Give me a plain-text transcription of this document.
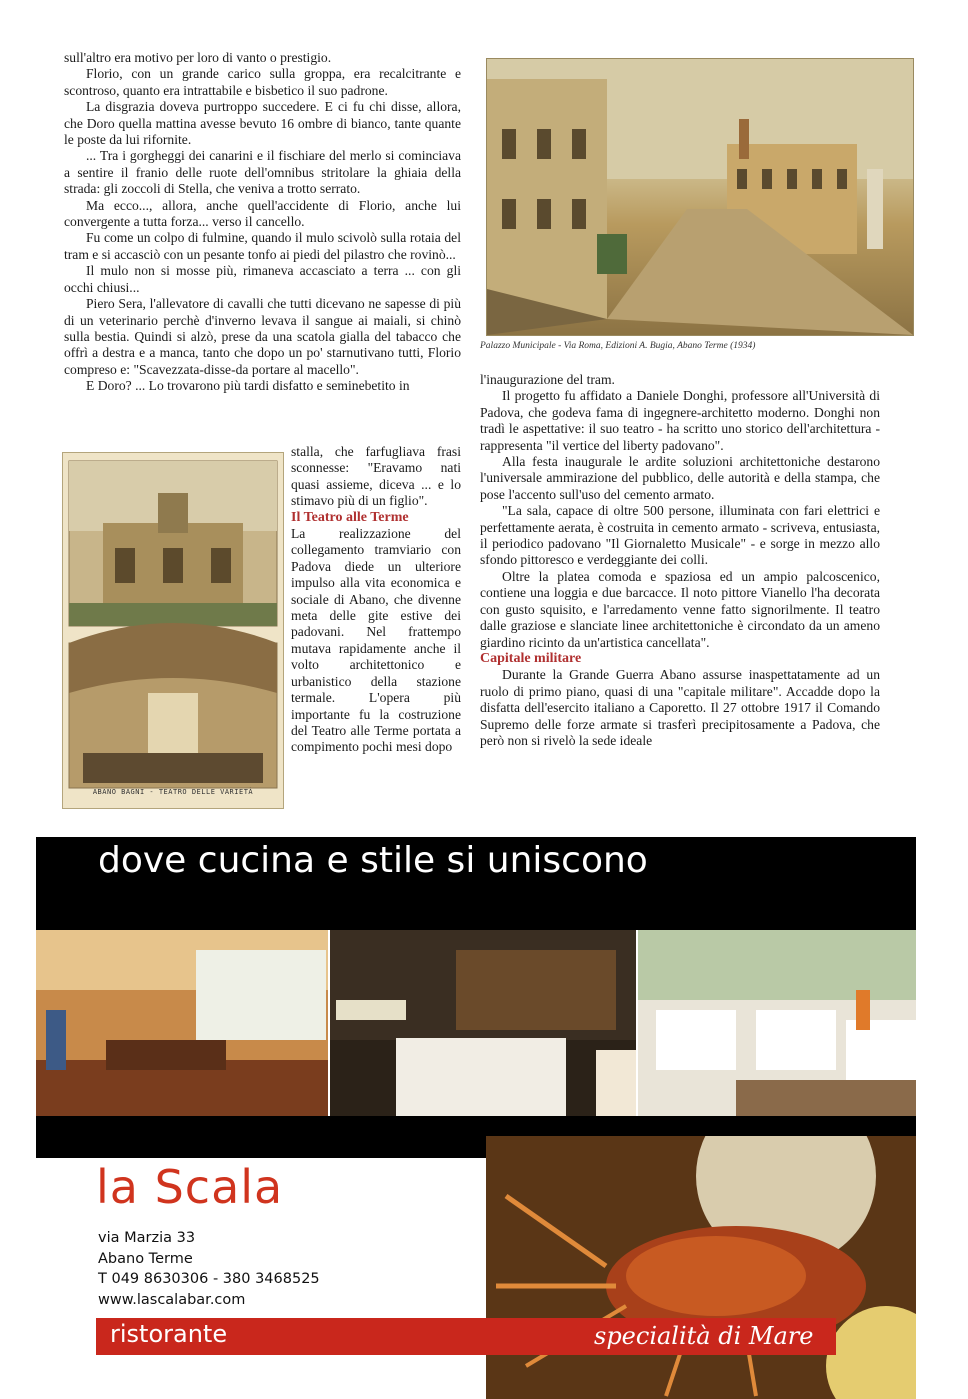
sull'altro era motivo per loro di vanto o prestigio.

Florio, con un grande carico sulla groppa, era recalcitrante e scontroso, quanto era intrattabile e bisbetico il suo padrone.

La disgrazia doveva purtroppo succedere. E ci fu chi disse, allora, che Doro quella mattina avesse bevuto 16 ombre di bianco, tante quante le poste da lui rifornite.

... Tra i gorgheggi dei canarini e il fischiare del merlo si cominciava a sentire il franio delle ruote dell'omnibus stritolare la ghiaia della strada: gli zoccoli di Stella, che veniva a trotto serrato.

Ma ecco..., allora, anche quell'accidente di Florio, anche lui convergente a tutta forza... verso il cancello.

Fu come un colpo di fulmine, quando il mulo scivolò sulla rotaia del tram e si accasciò con un pesante tonfo ai piedi del pilastro che rovinò...

Il mulo non si mosse più, rimaneva accasciato a terra ... con gli occhi chiusi...

Piero Sera, l'allevatore di cavalli che tutti dicevano ne sapesse di più di un veterinario perchè d'inverno levava il sangue ai maiali, si chinò sulla bestia. Quindi si alzò, prese da una scatola gialla del tabacco che offrì a destra e a manca, tanto che dopo un po' starnutivano tutti, Florio compreso e: "Scavezzata-disse-da portare al macello".

E Doro? ... Lo trovarono più tardi disfatto e seminebetito in

ABANO BAGNI - TEATRO DELLE VARIETÀ

stalla, che farfugliava frasi sconnesse: "Eravamo nati quasi assieme, diceva ... e lo stimavo più di un figlio".

Il Teatro alle Terme

La realizzazione del collegamento tramviario con Padova diede un ulteriore impulso alla vita economica e sociale di Abano, che divenne meta delle gite estive dei padovani. Nel frattempo mutava rapidamente anche il volto architettonico e urbanistico della stazione termale. L'opera più importante fu la costruzione del Teatro alle Terme portata a compimento pochi mesi dopo

Palazzo Municipale - Via Roma, Edizioni A. Bugia, Abano Terme (1934)

l'inaugurazione del tram.

Il progetto fu affidato a Daniele Donghi, professore all'Università di Padova, che godeva fama di ingegnere-architetto moderno. Donghi non tradì le aspettative: il suo teatro - ha scritto uno storico dell'architettura - rappresenta "il vertice del liberty padovano".

Alla festa inaugurale le ardite soluzioni architettoniche destarono l'universale ammirazione del pubblico, delle autorità e della stampa, che pose l'accento sull'uso del cemento armato.

"La sala, capace di oltre 500 persone, illuminata con fari elettrici e perfettamente aerata, è costruita in cemento armato - scriveva, entusiasta, il periodico padovano "Il Giornaletto Musicale" - e sorge in mezzo allo sfondo pittoresco e verdeggiante dei colli.

Oltre la platea comoda e spaziosa ed un ampio palcoscenico, contiene una loggia e due barcacce. Il noto pittore Vianello l'ha decorata con gusto squisito, e l'arredamento venne fatto signorilmente. Il teatro dalle graziose e slanciate linee architettoniche è circondato da un ameno giardino ricinto da un'artistica cancellata".

Capitale militare

Durante la Grande Guerra Abano assurse inaspettatamente ad un ruolo di primo piano, quasi di una "capitale militare". Accadde dopo la disfatta dell'esercito italiano a Caporetto. Il 27 ottobre 1917 il Comando Supremo delle forze armate si trasferì precipitosamente a Padova, che però non si rivelò la sede ideale

dove cucina e stile si uniscono
la Scala
via Marzia 33
Abano Terme
T 049 8630306 - 380 3468525
www.lascalabar.com
ristorante	specialità di Mare
